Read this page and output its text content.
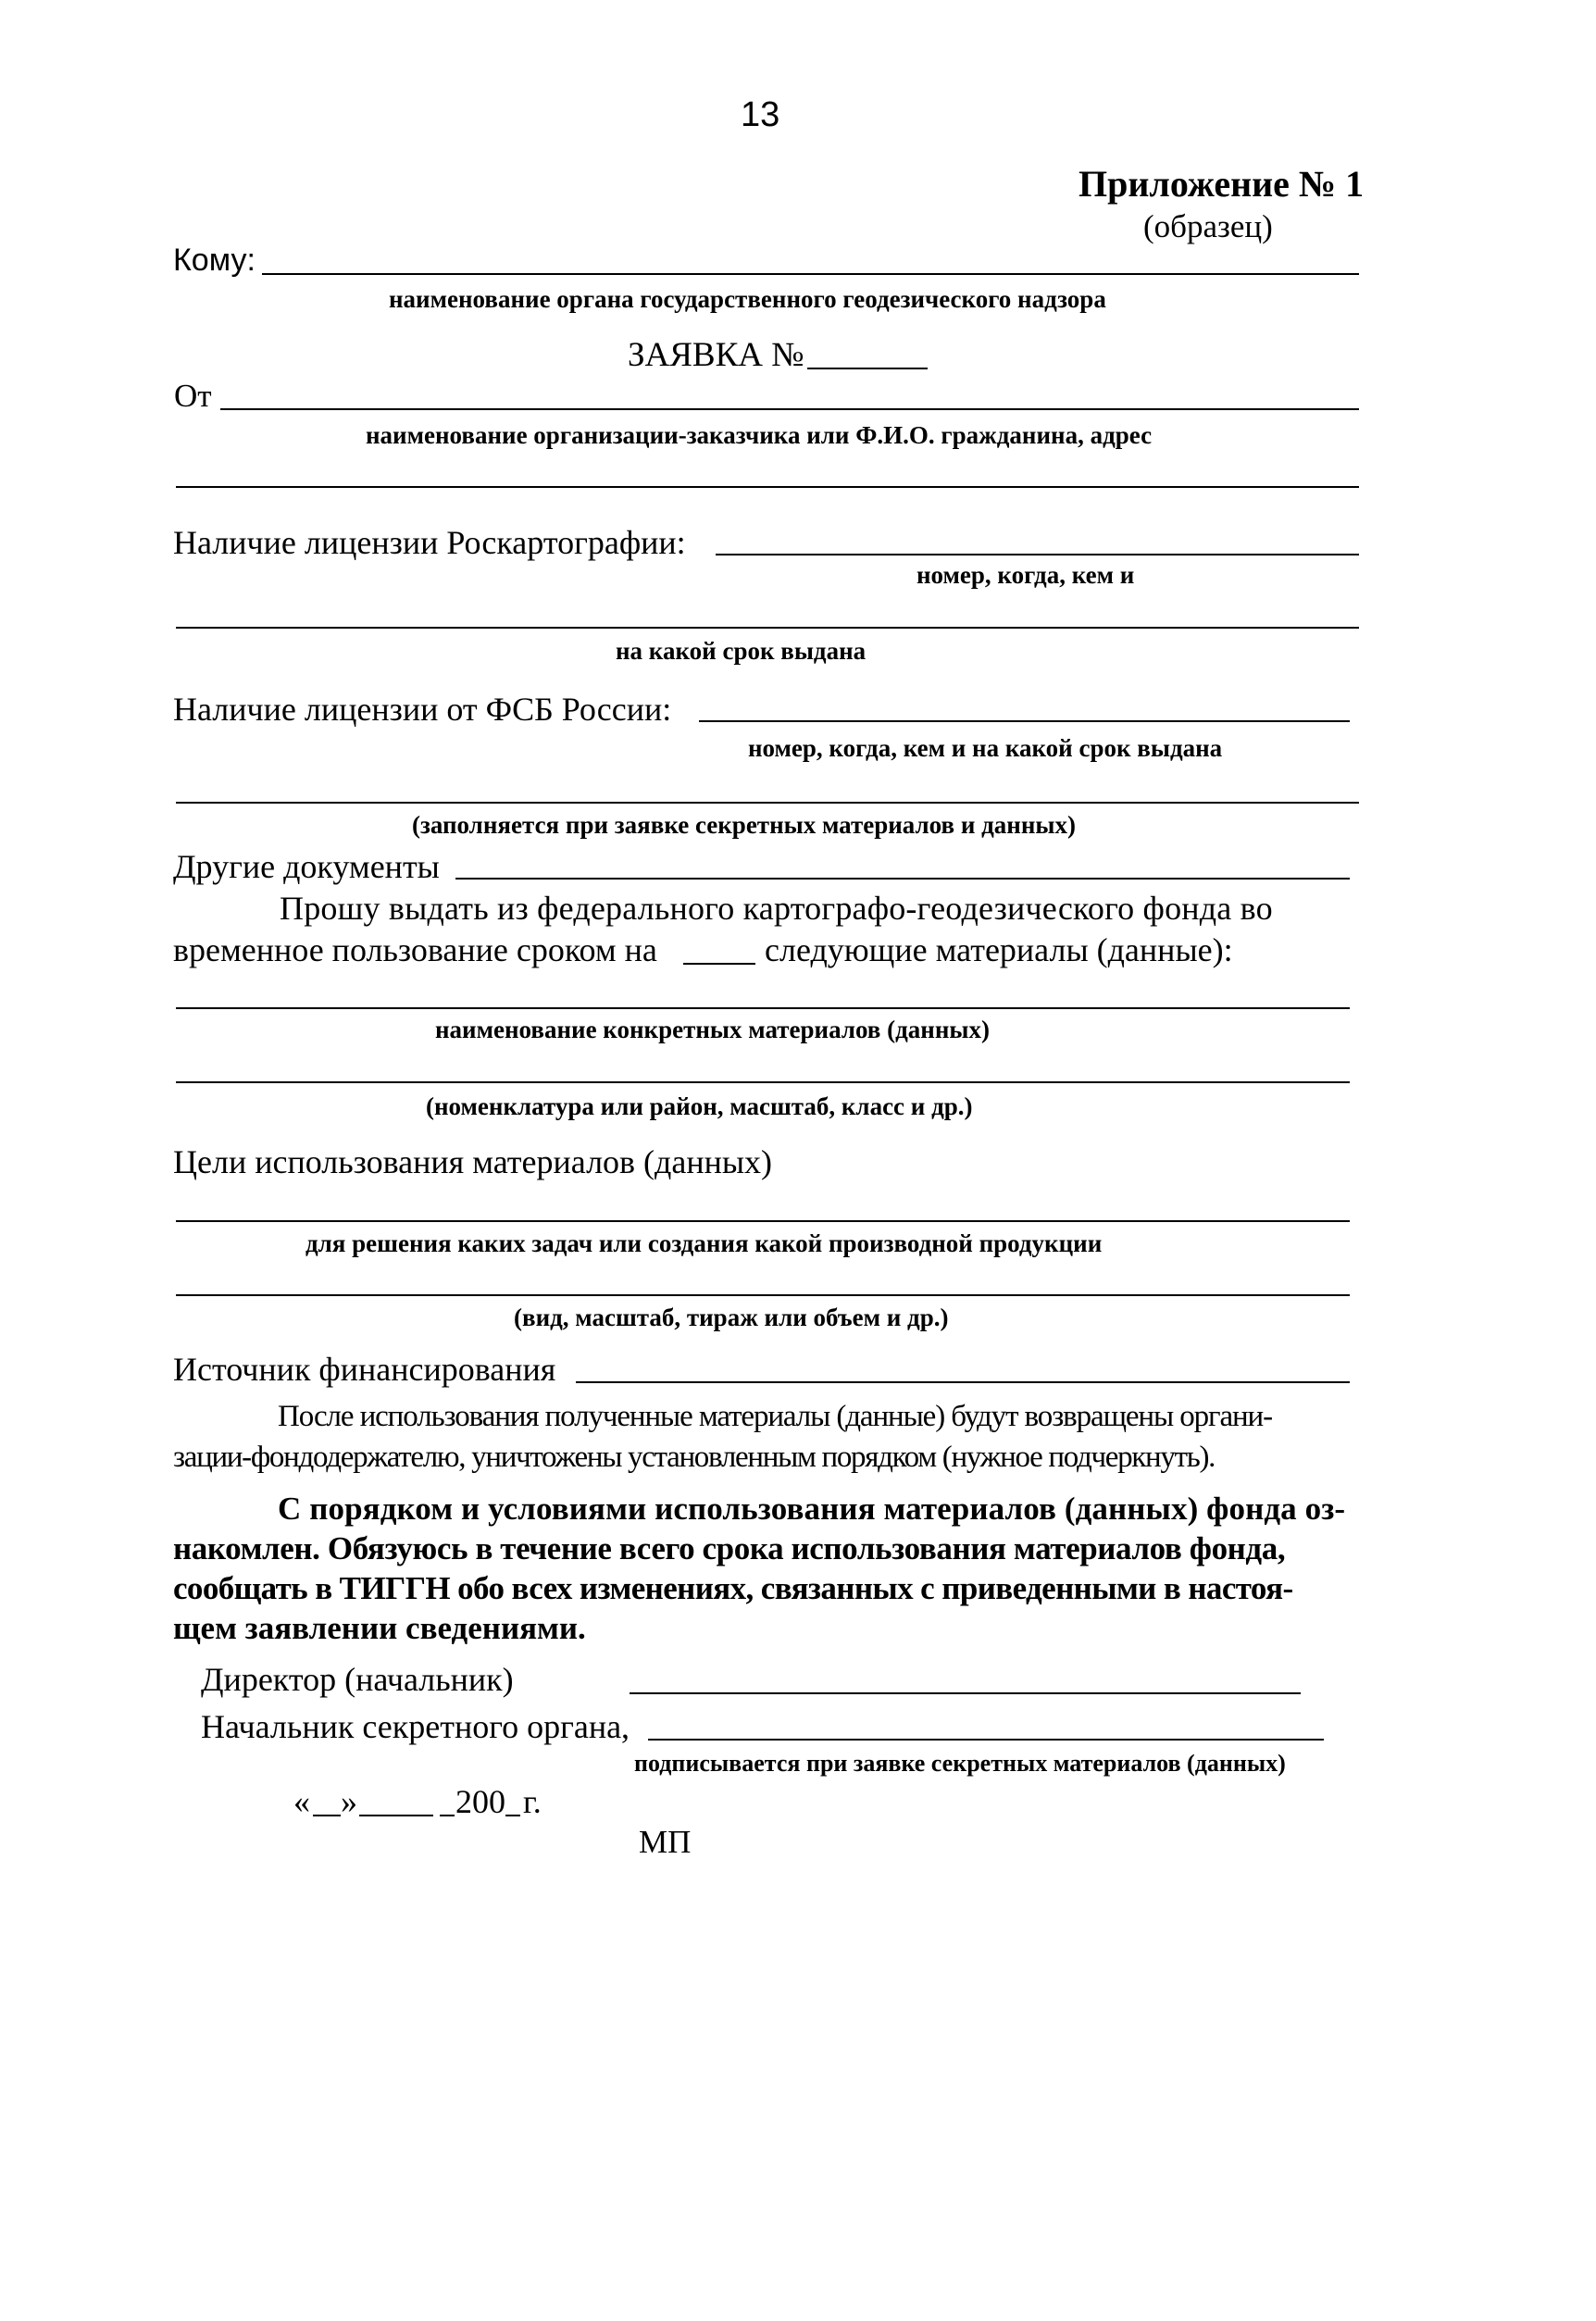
13
Приложение № 1
(образец)
Кому:
наименование органа государственного геодезического надзора
ЗАЯВКА №
От
наименование организации-заказчика или Ф.И.О. гражданина, адрес
Наличие лицензии Роскартографии:
номер, когда, кем и
на какой срок выдана
Наличие лицензии от ФСБ России:
номер, когда, кем и на какой срок выдана
(заполняется при заявке секретных материалов и данных)
Другие документы
Прошу выдать из федерального картографо-геодезического фонда во
временное пользование сроком на	следующие материалы (данные):
наименование конкретных материалов (данных)
(номенклатура или район, масштаб, класс и др.)
Цели использования материалов (данных)
для решения каких задач или создания какой производной продукции
(вид, масштаб, тираж или объем и др.)
Источник финансирования
После использования полученные материалы (данные) будут возвращены органи-
зации-фондодержателю, уничтожены установленным порядком (нужное подчеркнуть).
С порядком и условиями использования материалов (данных) фонда оз-
накомлен. Обязуюсь в течение всего срока использования материалов фонда,
сообщать в ТИГГН обо всех изменениях, связанных с приведенными в настоя-
щем заявлении сведениями.
Директор (начальник)
Начальник секретного органа,
подписывается при заявке секретных материалов (данных)
« »	200 г.
МП
